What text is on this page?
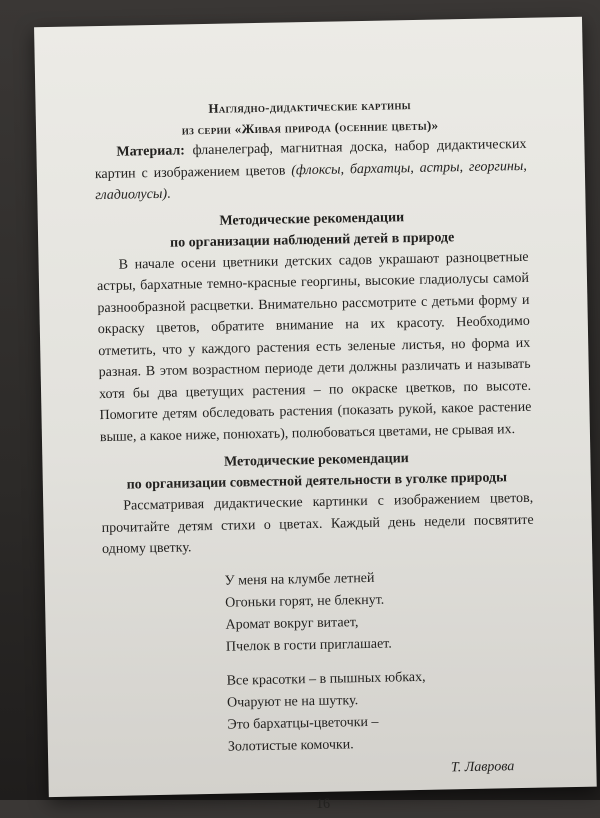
Наглядно-дидактические картины
из серии «Живая природа (осенние цветы)»

Материал: фланелеграф, магнитная доска, набор дидактических картин с изображением цветов (флоксы, бархатцы, астры, георгины, гладиолусы).

Методические рекомендации
по организации наблюдений детей в природе

В начале осени цветники детских садов украшают разноцветные астры, бархатные темно-красные георгины, высокие гладиолусы самой разнообразной расцветки. Внимательно рассмотрите с детьми форму и окраску цветов, обратите внимание на их красоту. Необходимо отметить, что у каждого растения есть зеленые листья, но форма их разная. В этом возрастном периоде дети должны различать и называть хотя бы два цветущих растения – по окраске цветков, по высоте. Помогите детям обследовать растения (показать рукой, какое растение выше, а какое ниже, понюхать), полюбоваться цветами, не срывая их.

Методические рекомендации
по организации совместной деятельности в уголке природы

Рассматривая дидактические картинки с изображением цветов, прочитайте детям стихи о цветах. Каждый день недели посвятите одному цветку.

У меня на клумбе летней
Огоньки горят, не блекнут.
Аромат вокруг витает,
Пчелок в гости приглашает.
Все красотки – в пышных юбках,
Очаруют не на шутку.
Это бархатцы-цветочки –
Золотистые комочки.
Т. Лаврова
16
